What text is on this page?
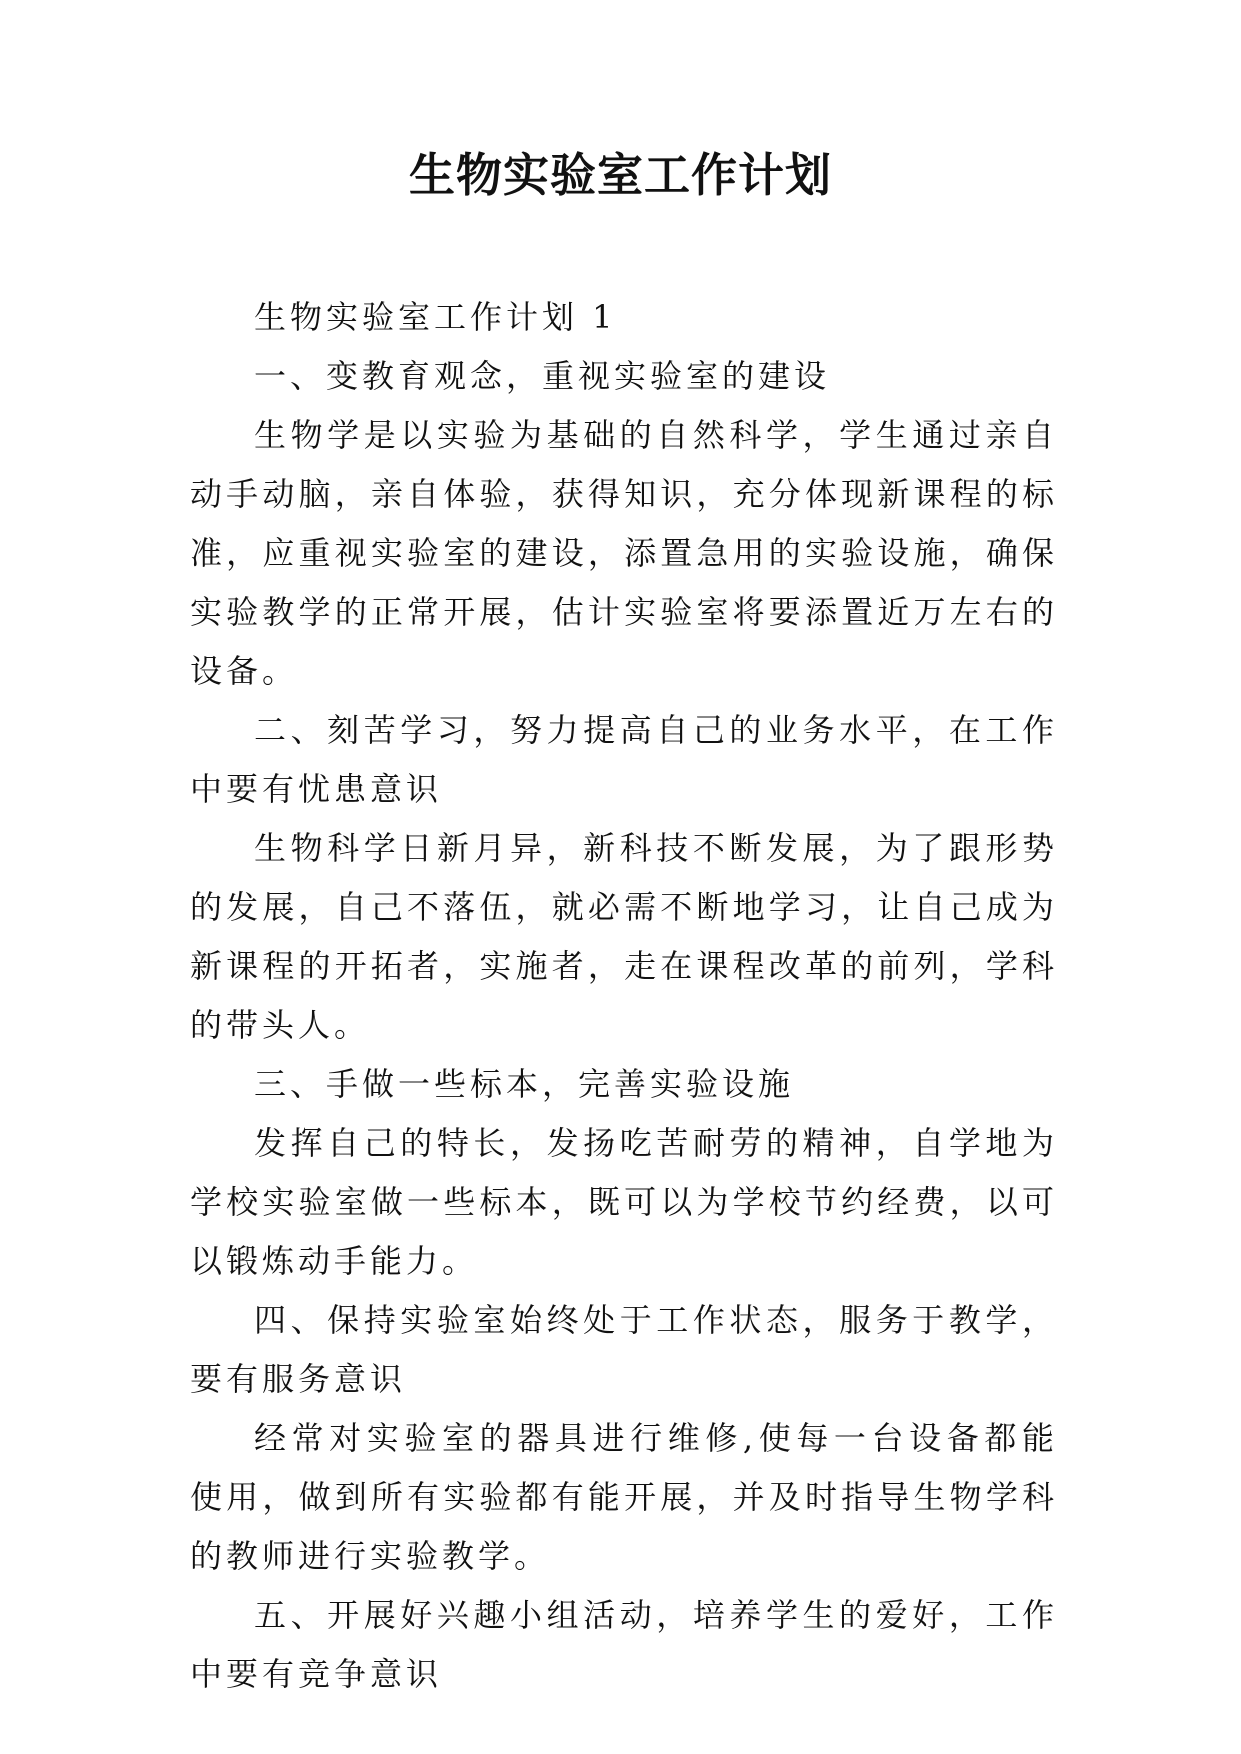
生物实验室工作计划

生物实验室工作计划 1

一、变教育观念，重视实验室的建设

生物学是以实验为基础的自然科学，学生通过亲自动手动脑，亲自体验，获得知识，充分体现新课程的标准，应重视实验室的建设，添置急用的实验设施，确保实验教学的正常开展，估计实验室将要添置近万左右的设备。

二、刻苦学习，努力提高自己的业务水平，在工作中要有忧患意识

生物科学日新月异，新科技不断发展，为了跟形势的发展，自己不落伍，就必需不断地学习，让自己成为新课程的开拓者，实施者，走在课程改革的前列，学科的带头人。

三、手做一些标本，完善实验设施

发挥自己的特长，发扬吃苦耐劳的精神，自学地为学校实验室做一些标本，既可以为学校节约经费，以可以锻炼动手能力。

四、保持实验室始终处于工作状态，服务于教学，要有服务意识

经常对实验室的器具进行维修,使每一台设备都能使用，做到所有实验都有能开展，并及时指导生物学科的教师进行实验教学。

五、开展好兴趣小组活动，培养学生的爱好，工作中要有竞争意识
